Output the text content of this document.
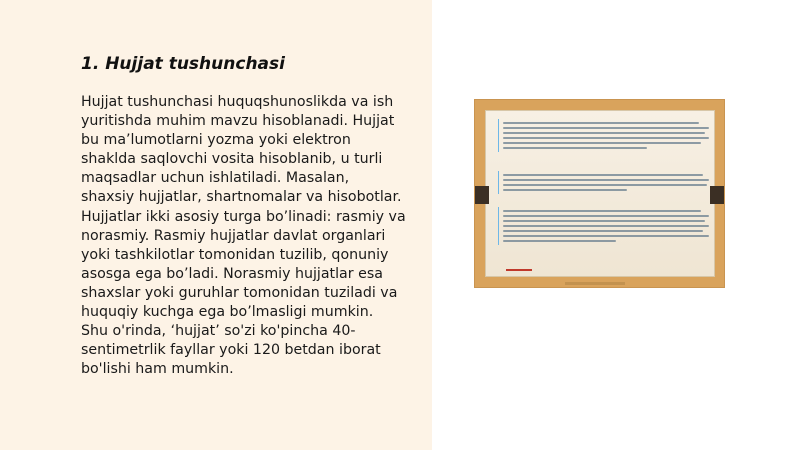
1. Hujjat tushunchasi

Hujjat tushunchasi huquqshunoslikda va ish
yuritishda muhim mavzu hisoblanadi. Hujjat
bu ma’lumotlarni yozma yoki elektron
shaklda saqlovchi vosita hisoblanib, u turli
maqsadlar uchun ishlatiladi. Masalan,
shaxsiy hujjatlar, shartnomalar va hisobotlar.
Hujjatlar ikki asosiy turga bo’linadi: rasmiy va
norasmiy. Rasmiy hujjatlar davlat organlari
yoki tashkilotlar tomonidan tuzilib, qonuniy
asosga ega bo’ladi. Norasmiy hujjatlar esa
shaxslar yoki guruhlar tomonidan tuziladi va
huquqiy kuchga ega bo’lmasligi mumkin.
Shu o'rinda, ‘hujjat’ so'zi ko'pincha 40-
sentimetrlik fayllar yoki 120 betdan iborat
bo'lishi ham mumkin.
